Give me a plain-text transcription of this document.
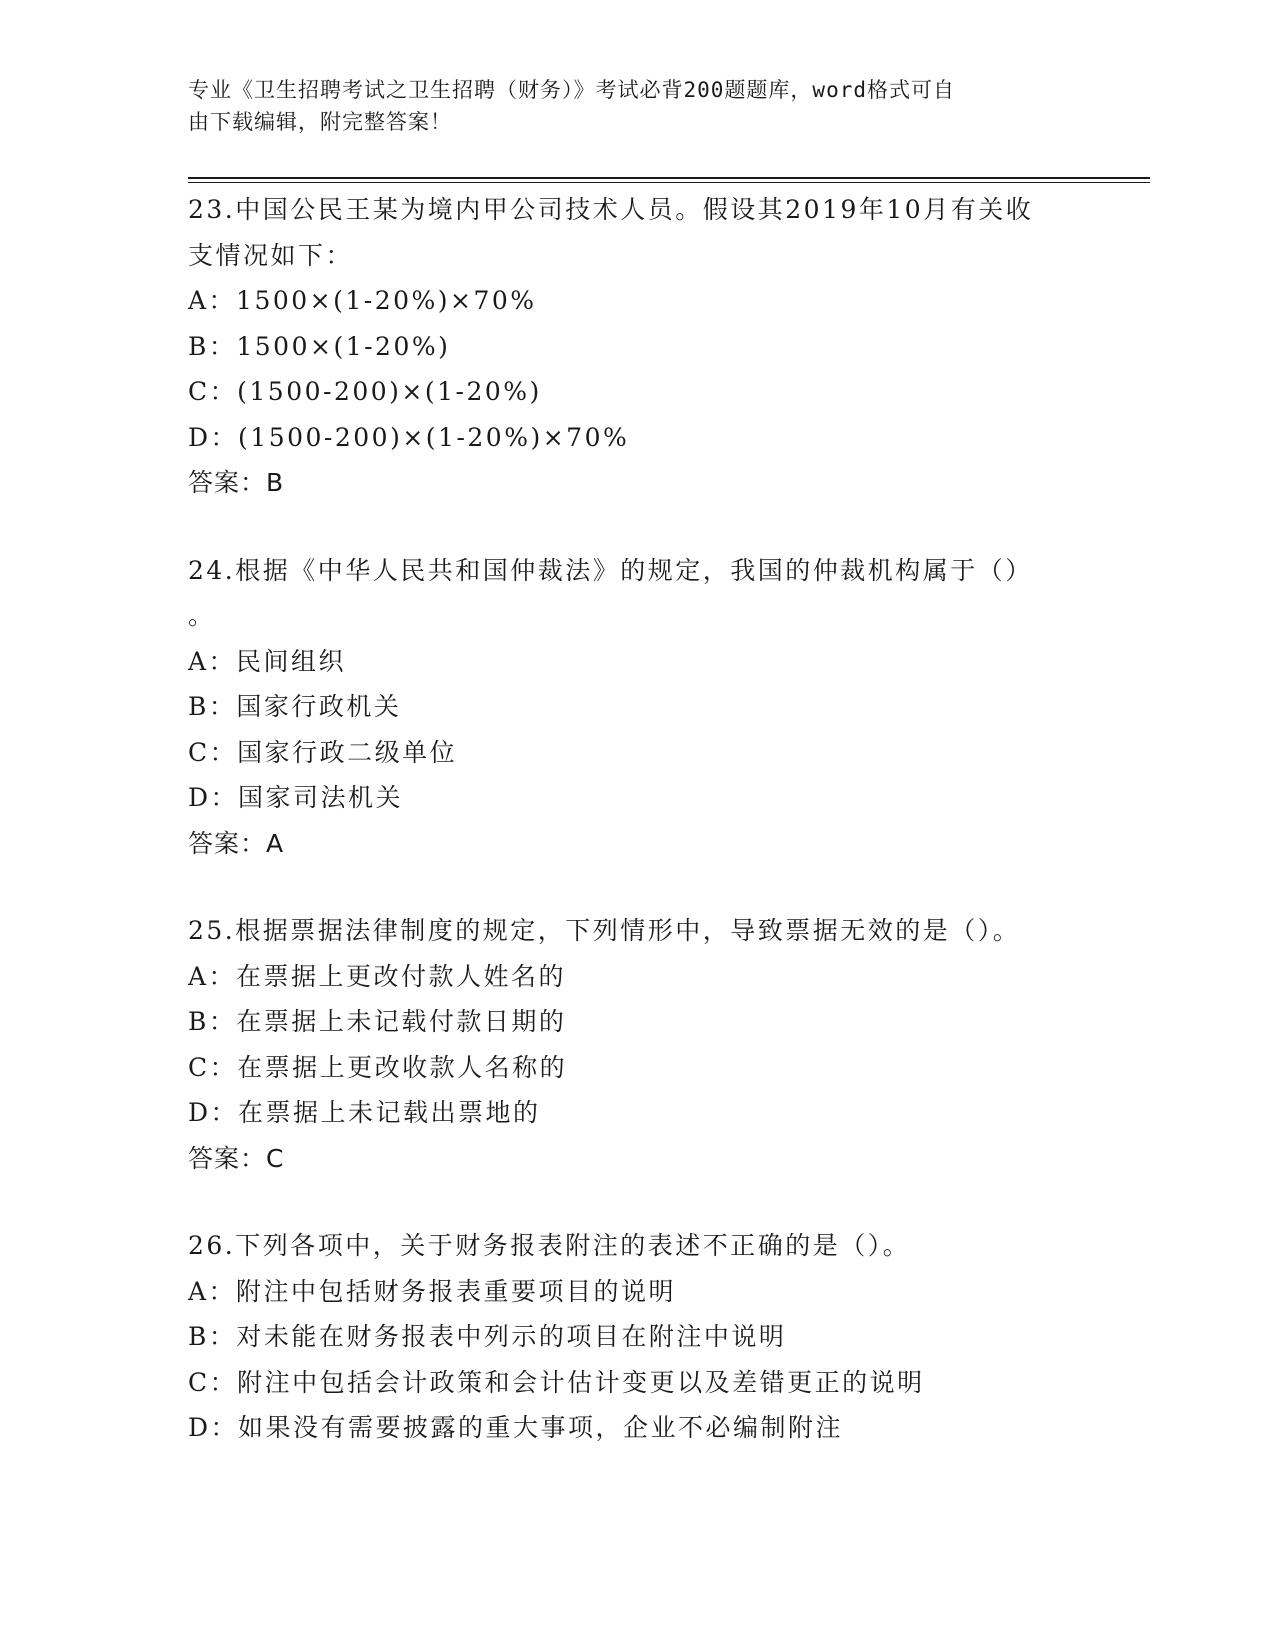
专业《卫生招聘考试之卫生招聘（财务）》考试必背200题题库，word格式可自
由下载编辑，附完整答案！
23.中国公民王某为境内甲公司技术人员。假设其2019年10月有关收
支情况如下：
A：1500×(1-20%)×70%
B：1500×(1-20%)
C：(1500-200)×(1-20%)
D：(1500-200)×(1-20%)×70%
答案：B
24.根据《中华人民共和国仲裁法》的规定，我国的仲裁机构属于（）
。
A：民间组织
B：国家行政机关
C：国家行政二级单位
D：国家司法机关
答案：A
25.根据票据法律制度的规定，下列情形中，导致票据无效的是（）。
A：在票据上更改付款人姓名的
B：在票据上未记载付款日期的
C：在票据上更改收款人名称的
D：在票据上未记载出票地的
答案：C
26.下列各项中，关于财务报表附注的表述不正确的是（）。
A：附注中包括财务报表重要项目的说明
B：对未能在财务报表中列示的项目在附注中说明
C：附注中包括会计政策和会计估计变更以及差错更正的说明
D：如果没有需要披露的重大事项，企业不必编制附注
